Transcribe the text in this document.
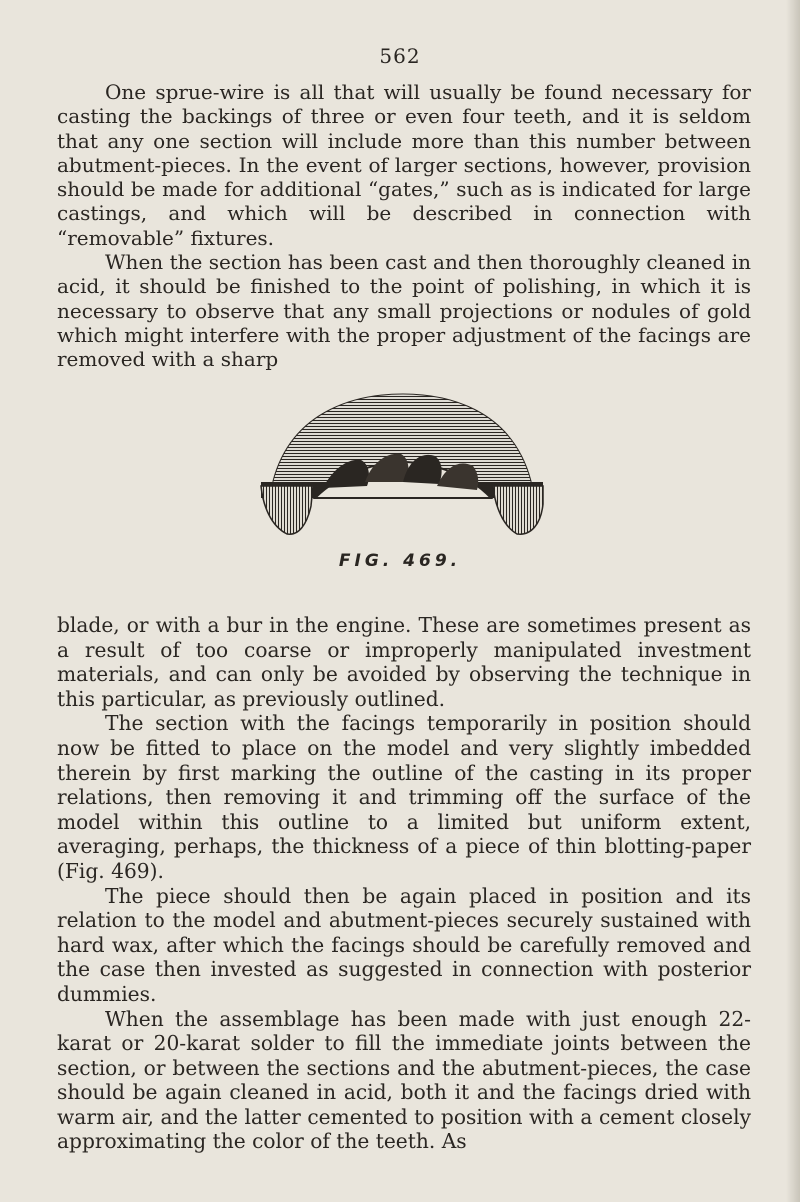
562

One sprue-wire is all that will usually be found necessary for casting the backings of three or even four teeth, and it is seldom that any one section will include more than this number between abutment-pieces. In the event of larger sections, however, provision should be made for additional “gates,” such as is indicated for large castings, and which will be described in connection with “removable” fixtures.

When the section has been cast and then thoroughly cleaned in acid, it should be finished to the point of polishing, in which it is necessary to observe that any small projections or nodules of gold which might interfere with the proper adjustment of the facings are removed with a sharp

FIG. 469.

blade, or with a bur in the engine. These are sometimes present as a result of too coarse or improperly manipulated investment materials, and can only be avoided by observing the technique in this particular, as previously outlined.

The section with the facings temporarily in position should now be fitted to place on the model and very slightly imbedded therein by first marking the outline of the casting in its proper relations, then removing it and trimming off the surface of the model within this outline to a limited but uniform extent, averaging, perhaps, the thickness of a piece of thin blotting-paper (Fig. 469).

The piece should then be again placed in position and its relation to the model and abutment-pieces securely sustained with hard wax, after which the facings should be carefully removed and the case then invested as suggested in connection with posterior dummies.

When the assemblage has been made with just enough 22-karat or 20-karat solder to fill the immediate joints between the section, or between the sections and the abutment-pieces, the case should be again cleaned in acid, both it and the facings dried with warm air, and the latter cemented to position with a cement closely approximating the color of the teeth. As
